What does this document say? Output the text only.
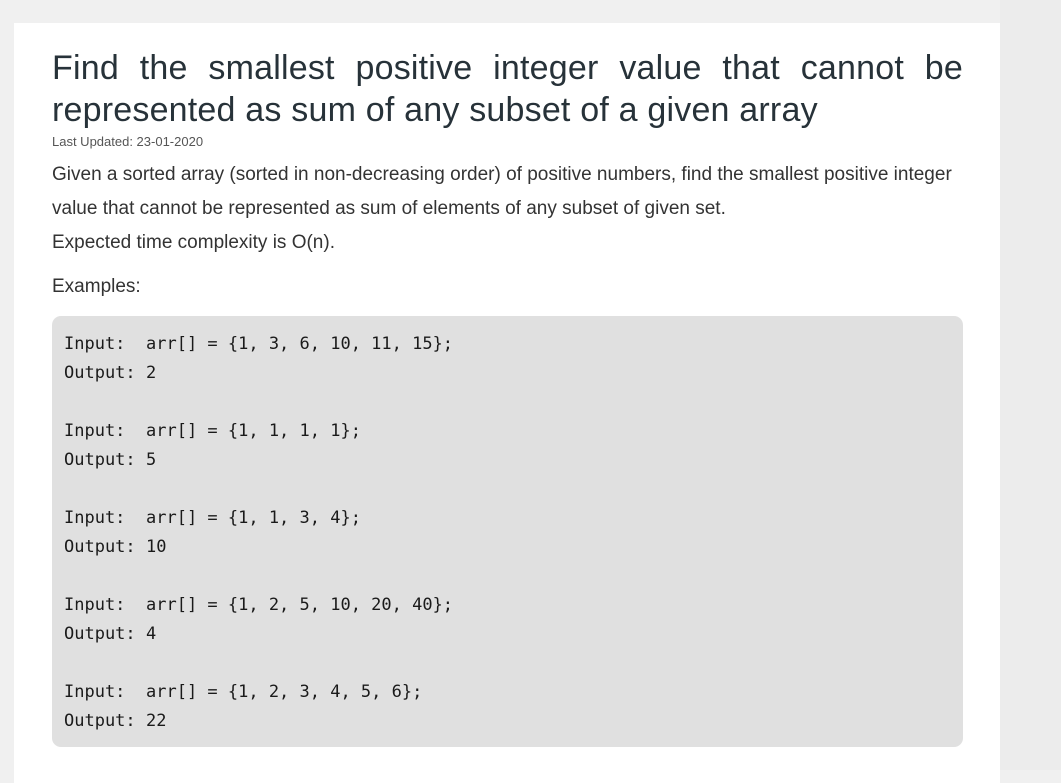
Find the smallest positive integer value that cannot be represented as sum of any subset of a given array
Last Updated: 23-01-2020

Given a sorted array (sorted in non-decreasing order) of positive numbers, find the smallest positive integer value that cannot be represented as sum of elements of any subset of given set.

Expected time complexity is O(n).

Examples:
Input: arr[] = {1, 3, 6, 10, 11, 15};
Output: 2
Input: arr[] = {1, 1, 1, 1};
Output: 5
Input: arr[] = {1, 1, 3, 4};
Output: 10
Input: arr[] = {1, 2, 5, 10, 20, 40};
Output: 4
Input: arr[] = {1, 2, 3, 4, 5, 6};
Output: 22
